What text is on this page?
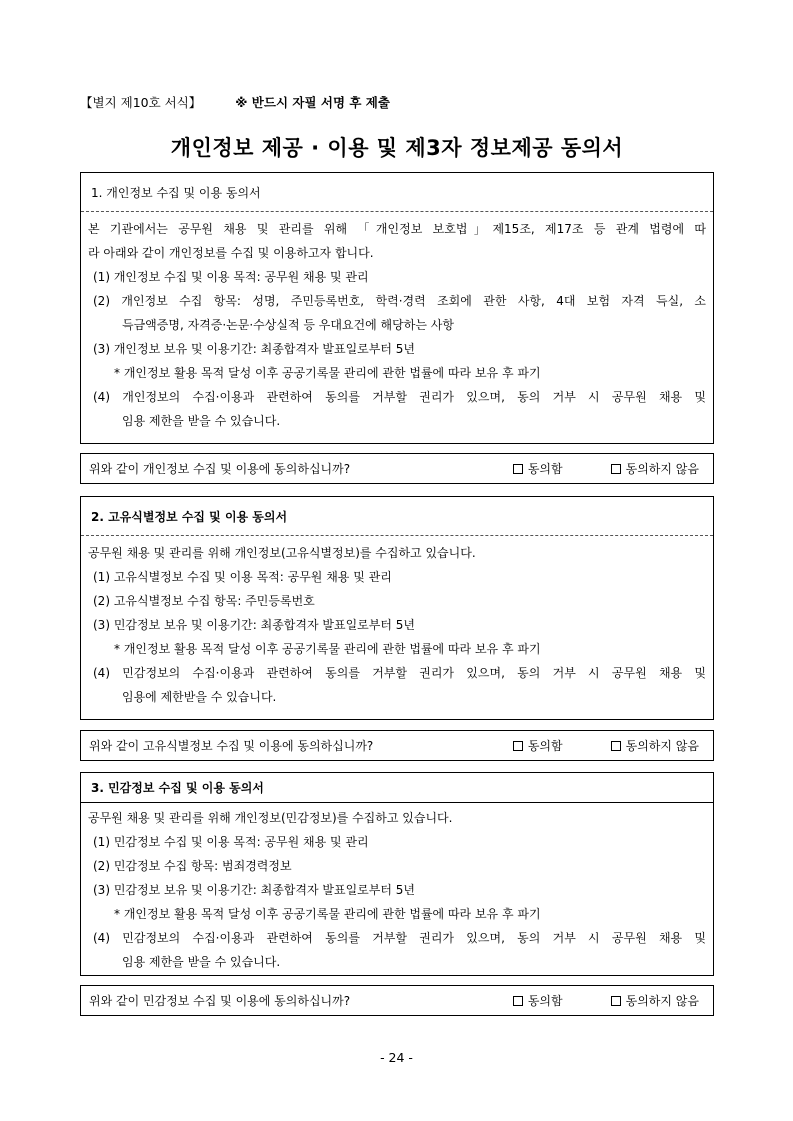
【별지 제10호 서식】	※ 반드시 자필 서명 후 제출
개인정보 제공 · 이용 및 제3자 정보제공 동의서
1. 개인정보 수집 및 이용 동의서
본 기관에서는 공무원 채용 및 관리를 위해 「개인정보 보호법」제15조, 제17조 등 관계 법령에 따
라 아래와 같이 개인정보를 수집 및 이용하고자 합니다.
(1) 개인정보 수집 및 이용 목적: 공무원 채용 및 관리
(2) 개인정보 수집 항목: 성명, 주민등록번호, 학력·경력 조회에 관한 사항, 4대 보험 자격 득실, 소
득금액증명, 자격증·논문·수상실적 등 우대요건에 해당하는 사항
(3) 개인정보 보유 및 이용기간: 최종합격자 발표일로부터 5년
* 개인정보 활용 목적 달성 이후 공공기록물 관리에 관한 법률에 따라 보유 후 파기
(4) 개인정보의 수집·이용과 관련하여 동의를 거부할 권리가 있으며, 동의 거부 시 공무원 채용 및
임용 제한을 받을 수 있습니다.
위와 같이 개인정보 수집 및 이용에 동의하십니까?	동의함	동의하지 않음
2. 고유식별정보 수집 및 이용 동의서
공무원 채용 및 관리를 위해 개인정보(고유식별정보)를 수집하고 있습니다.
(1) 고유식별정보 수집 및 이용 목적: 공무원 채용 및 관리
(2) 고유식별정보 수집 항목: 주민등록번호
(3) 민감정보 보유 및 이용기간: 최종합격자 발표일로부터 5년
* 개인정보 활용 목적 달성 이후 공공기록물 관리에 관한 법률에 따라 보유 후 파기
(4) 민감정보의 수집·이용과 관련하여 동의를 거부할 권리가 있으며, 동의 거부 시 공무원 채용 및
임용에 제한받을 수 있습니다.
위와 같이 고유식별정보 수집 및 이용에 동의하십니까?	동의함	동의하지 않음
3. 민감정보 수집 및 이용 동의서
공무원 채용 및 관리를 위해 개인정보(민감정보)를 수집하고 있습니다.
(1) 민감정보 수집 및 이용 목적: 공무원 채용 및 관리
(2) 민감정보 수집 항목: 범죄경력정보
(3) 민감정보 보유 및 이용기간: 최종합격자 발표일로부터 5년
* 개인정보 활용 목적 달성 이후 공공기록물 관리에 관한 법률에 따라 보유 후 파기
(4) 민감정보의 수집·이용과 관련하여 동의를 거부할 권리가 있으며, 동의 거부 시 공무원 채용 및
임용 제한을 받을 수 있습니다.
위와 같이 민감정보 수집 및 이용에 동의하십니까?	동의함	동의하지 않음
- 24 -
